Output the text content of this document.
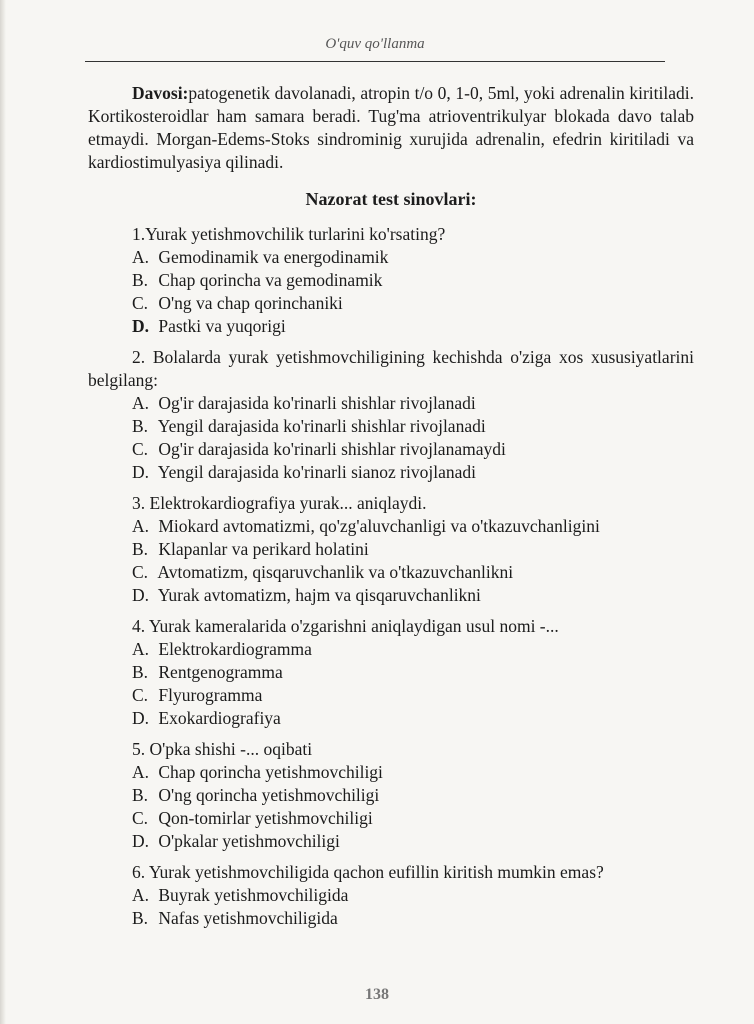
O'quv qo'llanma

Davosi:patogenetik davolanadi, atropin t/o 0, 1-0, 5ml, yoki adrenalin kiritiladi. Kortikosteroidlar ham samara beradi. Tug'ma atrioventrikulyar blokada davo talab etmaydi. Morgan-Edems-Stoks sindrominig xurujida adrenalin, efedrin kiritiladi va kardiostimulyasiya qilinadi.

Nazorat test sinovlari:

1.Yurak yetishmovchilik turlarini ko'rsating?

A. Gemodinamik va energodinamik
B. Chap qorincha va gemodinamik
C. O'ng va chap qorinchaniki
D. Pastki va yuqorigi

2. Bolalarda yurak yetishmovchiligining kechishda o'ziga xos xususiyatlarini belgilang:

A. Og'ir darajasida ko'rinarli shishlar rivojlanadi
B. Yengil darajasida ko'rinarli shishlar rivojlanadi
C. Og'ir darajasida ko'rinarli shishlar rivojlanamaydi
D. Yengil darajasida ko'rinarli sianoz rivojlanadi

3. Elektrokardiografiya yurak... aniqlaydi.

A. Miokard avtomatizmi, qo'zg'aluvchanligi va o'tkazuvchanligini
B. Klapanlar va perikard holatini
C. Avtomatizm, qisqaruvchanlik va o'tkazuvchanlikni
D. Yurak avtomatizm, hajm va qisqaruvchanlikni

4. Yurak kameralarida o'zgarishni aniqlaydigan usul nomi -...

A. Elektrokardiogramma
B. Rentgenogramma
C. Flyurogramma
D. Exokardiografiya

5. O'pka shishi -... oqibati

A. Chap qorincha yetishmovchiligi
B. O'ng qorincha yetishmovchiligi
C. Qon-tomirlar yetishmovchiligi
D. O'pkalar yetishmovchiligi

6. Yurak yetishmovchiligida qachon eufillin kiritish mumkin emas?

A. Buyrak yetishmovchiligida
B. Nafas yetishmovchiligida
138
